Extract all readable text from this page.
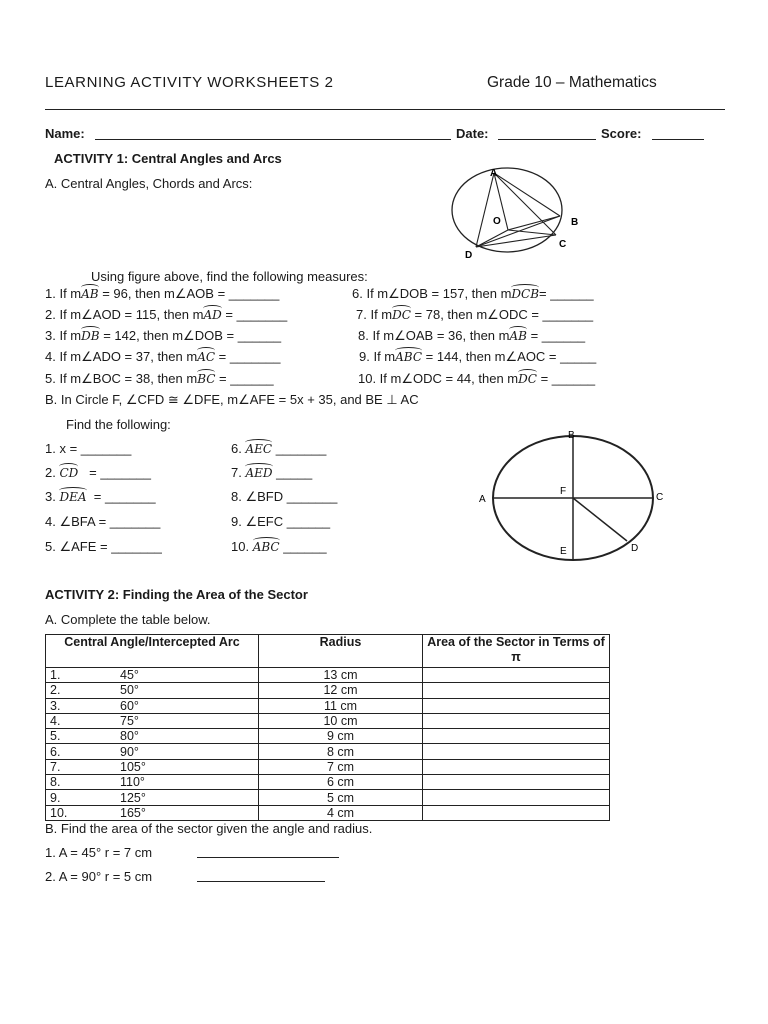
LEARNING ACTIVITY WORKSHEETS 2	Grade 10 – Mathematics
Name:	Date:	Score:
ACTIVITY 1: Central Angles and Arcs
A. Central Angles, Chords and Arcs:
A
O	B
C
D
Using figure above, find the following measures:
1. If mAB = 96, then m∠AOB = _______
2. If m∠AOD = 115, then mAD = _______
3. If mDB = 142, then m∠DOB = ______
4. If m∠ADO = 37, then mAC = _______
5. If m∠BOC = 38, then mBC = ______
6. If m∠DOB = 157, then mDCB= ______
7. If mDC = 78, then m∠ODC = _______
8. If m∠OAB = 36, then mAB = ______
9. If mABC = 144, then m∠AOC = _____
10. If m∠ODC = 44, then mDC = ______
B. In Circle F, ∠CFD ≅ ∠DFE, m∠AFE = 5x + 35, and BE ⊥ AC
Find the following:
1. x = _______
2. CD   = _______
3. DEA  = _______
4. ∠BFA = _______
5. ∠AFE = _______
6. AEC _______
7. AED _____
8. ∠BFD _______
9. ∠EFC ______
10. ABC ______
B
A	C
F
D
E
ACTIVITY 2: Finding the Area of the Sector
A. Complete the table below.
Central Angle/Intercepted Arc	Radius	Area of the Sector in Terms of π
1. 45°	13 cm	
2. 50°	12 cm	
3. 60°	11 cm	
4. 75°	10 cm	
5. 80°	9 cm	
6. 90°	8 cm	
7. 105°	7 cm	
8. 110°	6 cm	
9. 125°	5 cm	
10. 165°	4 cm	
B. Find the area of the sector given the angle and radius.
1. A = 45° r = 7 cm
2. A = 90° r = 5 cm
